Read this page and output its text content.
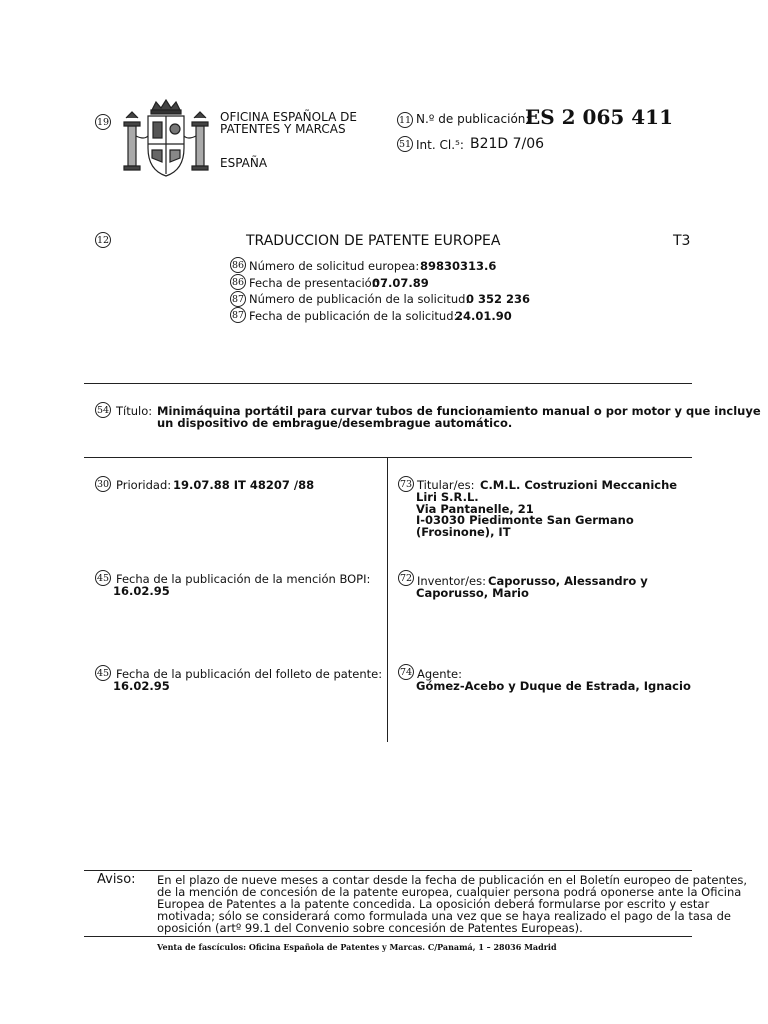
19	OFICINA ESPAÑOLA DE
PATENTES Y MARCAS
ESPAÑA
11 N.º de publicación:
ES 2 065 411
51 Int. Cl.⁵: B21D 7/06
12	TRADUCCION DE PATENTE EUROPEA	T3
86 Número de solicitud europea: 89830313.6
86 Fecha de presentación :
07.07.89
87 Número de publicación de la solicitud:
0 352 236
87 Fecha de publicación de la solicitud:
24.01.90
54 Título: Minimáquina portátil para curvar tubos de funcionamiento manual o por motor y que incluye
un dispositivo de embrague/desembrague automático.
30 Prioridad: 19.07.88 IT 48207 /88
45 Fecha de la publicación de la mención BOPI:
16.02.95
45 Fecha de la publicación del folleto de patente:
16.02.95
73 Titular/es: C.M.L. Costruzioni Meccaniche
Liri S.R.L.
Via Pantanelle, 21
I-03030 Piedimonte San Germano
(Frosinone), IT
72 Inventor/es: Caporusso, Alessandro y
Caporusso, Mario
74 Agente:
Gómez-Acebo y Duque de Estrada, Ignacio
Aviso: En el plazo de nueve meses a contar desde la fecha de publicación en el Boletín europeo de patentes,
de la mención de concesión de la patente europea, cualquier persona podrá oponerse ante la Oficina
Europea de Patentes a la patente concedida. La oposición deberá formularse por escrito y estar
motivada; sólo se considerará como formulada una vez que se haya realizado el pago de la tasa de
oposición (artº 99.1 del Convenio sobre concesión de Patentes Europeas).
Venta de fascículos: Oficina Española de Patentes y Marcas. C/Panamá, 1 – 28036 Madrid
